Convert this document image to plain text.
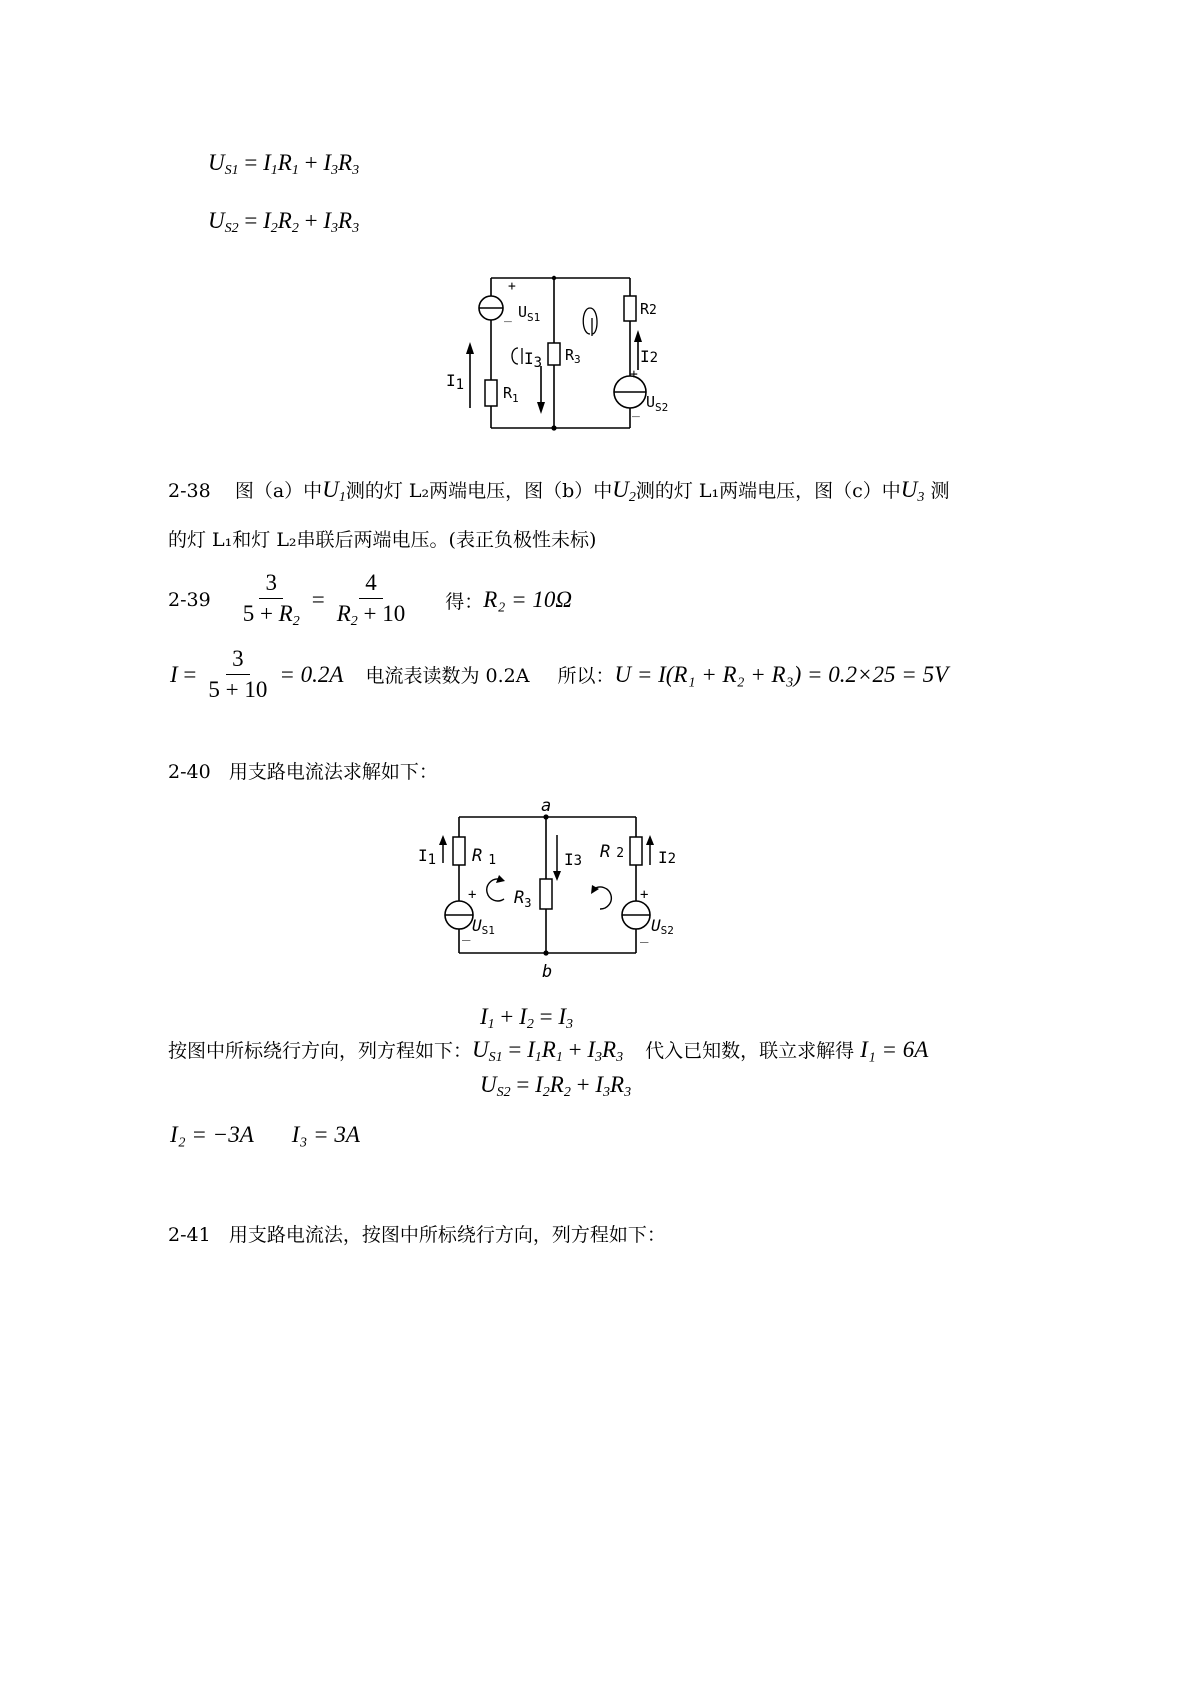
$U_{S1} = I_1R_1 + I_3R_3$
$U_{S2} = I_2R_2 + I_3R_3$
+
_ $U_{S1}$	R2
I3 $R_3$	I2
I1	$R_1$
+
_ $U_{S2}$
2-38 图（a）中$U_1$测的灯 L₂两端电压，图（b）中$U_2$测的灯 L₁两端电压，图（c）中$U_3$ 测
的灯 L₁和灯 L₂串联后两端电压。(表正负极性未标)
$2-39 \frac{3}{5 + R_2} = \frac{4}{R_2 + 10}$ 得： R₂ = 10Ω
$I = \frac{3}{5 + 10} = 0.2A$ 电流表读数为 0.2A 所以： U = I(R₁ + R₂ + R₃) = 0.2×25 = 5V
2-40 用支路电流法求解如下：
a
b
I1 R 1	I3 R 2 I2
$R_3$
+
_ US1
+
_ US2
$I_1 + I_2 = I_3$
按图中所标绕行方向，列方程如下： $U_{S1} = I_1R_1 + I_3R_3$ 代入已知数，联立求解得 I₁ = 6A
$U_{S2} = I_2R_2 + I_3R_3$
I₂ = −3A I₃ = 3A
2-41 用支路电流法，按图中所标绕行方向，列方程如下：
